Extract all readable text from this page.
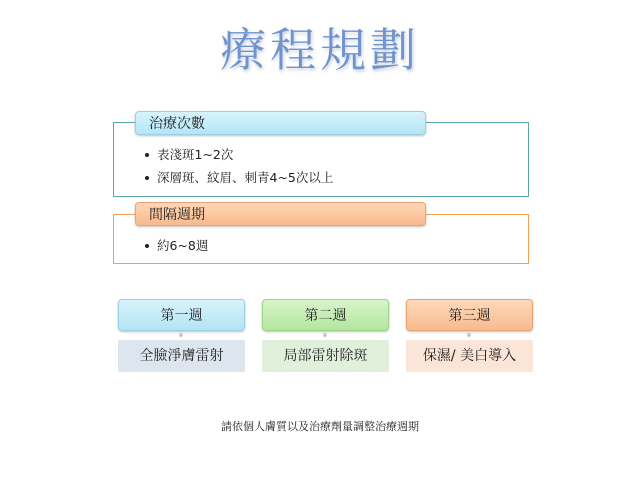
療程規劃
治療次數
表淺斑1~2次
深層斑、紋眉、刺青4~5次以上
間隔週期
約6~8週
第一週	第二週	第三週
全臉淨膚雷射	局部雷射除斑	保濕/ 美白導入
請依個人膚質以及治療劑量調整治療週期
